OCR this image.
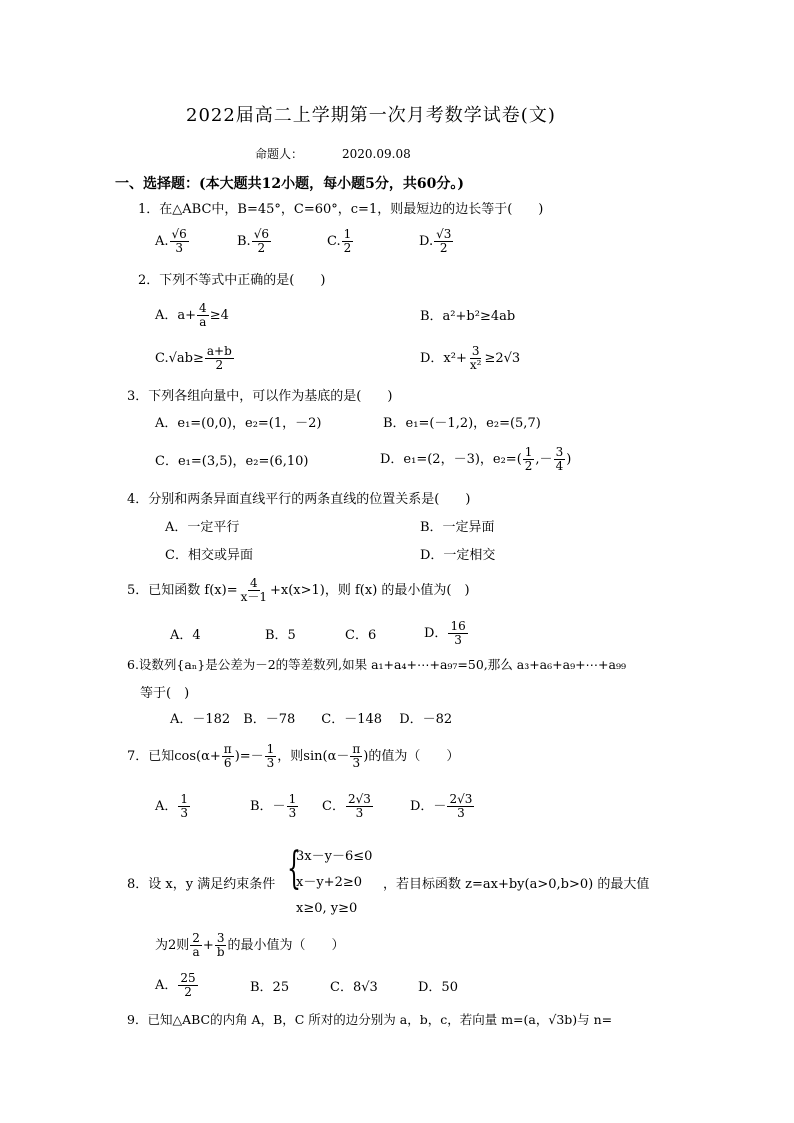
2022届高二上学期第一次月考数学试卷(文)
命题人：	2020.09.08
一、选择题：(本大题共12小题，每小题5分，共60分。)
1．在△ABC中，B=45°，C=60°，c=1，则最短边的边长等于(　　)
A. $\frac{√6}{3}$	B. $\frac{√6}{2}$	C. $\frac{1}{2}$	D. $\frac{√3}{2}$
2．下列不等式中正确的是(　　)
A．$a+ \frac{4}{a} \ge 4$	B．a²+b²≥4ab
$C.√ab\ge \frac{a+b}{2}$	D．$x^2+ \frac{3}{\text{x²}} \ge 2√3$
3．下列各组向量中，可以作为基底的是(　　)
A．e₁=(0,0)，e₂=(1，－2)	B．e₁=(－1,2)，e₂=(5,7)
C．e₁=(3,5)，e₂=(6,10)	D．e₁=(2，－3)，$e_2=( \frac{1}{2}$ ,－ $\frac{3}{4}$ )
4．分别和两条异面直线平行的两条直线的位置关系是(　　)
A．一定平行	B．一定异面
C．相交或异面	D．一定相交
5．已知函数 $f(x)= \frac{4}{x-1} +x(x>1)$，则 f(x) 的最小值为(　)
A．4	B．5	C．6	D． $\frac{16}{3}$
6.设数列{aₙ}是公差为－2的等差数列,如果 a₁+a₄+⋯+a₉₇=50,那么 a₃+a₆+a₉+⋯+a₉₉
等于(　)
A．－182　B．－78　　C．－148　 D．－82
7．已知$\cos(\alpha+ \frac{\pi}{6}$ )=－ $\frac{1}{3}$ ，则$\sin(\alpha- \frac{\pi}{3}$ )的值为（　　）
A． $\frac{1}{3}$	B．－ $\frac{1}{3}$ C． $\frac{2√3}{3}$	D．－ $\frac{2√3}{3}$
8．设 x，y 满足约束条件 {
3x－y－6≤0
x－y+2≥0
x≥0, y≥0
，若目标函数 z=ax+by(a>0,b>0) 的最大值
为2则 $\frac{2}{a} + \frac{3}{b}$ 的最小值为（　　）
A． $\frac{25}{2}$	B．25	C．8√3	D．50
9．已知△ABC的内角 A，B，C 所对的边分别为 a，b，c，若向量 m=(a，√3b)与 n=
